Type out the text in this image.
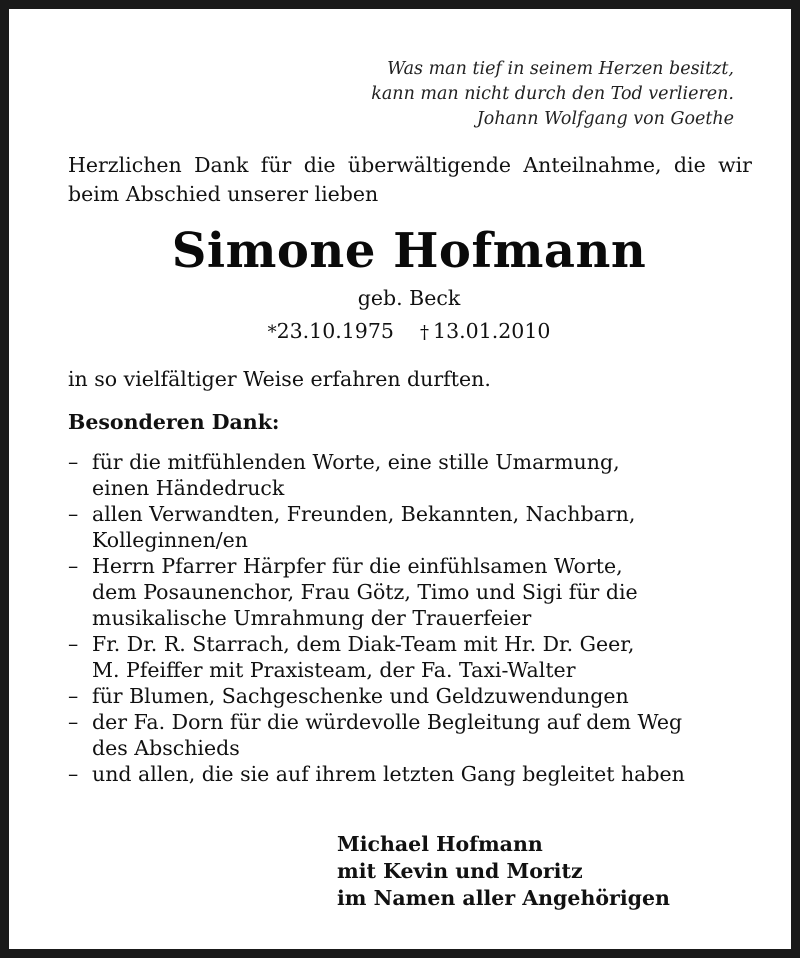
Was man tief in seinem Herzen besitzt,
kann man nicht durch den Tod verlieren.
Johann Wolfgang von Goethe
Herzlichen Dank für die überwältigende Anteilnahme, die wir
beim Abschied unserer lieben
Simone Hofmann
geb. Beck
*23.10.1975 †  13.01.2010
in so vielfältiger Weise erfahren durften.
Besonderen Dank:
– für die mitfühlenden Worte, eine stille Umarmung,
einen Händedruck
– allen Verwandten, Freunden, Bekannten, Nachbarn,
Kolleginnen/en
– Herrn Pfarrer Härpfer für die einfühlsamen Worte,
dem Posaunenchor, Frau Götz, Timo und Sigi für die
musikalische Umrahmung der Trauerfeier
– Fr. Dr. R. Starrach, dem Diak-Team mit Hr. Dr. Geer,
M. Pfeiffer mit Praxisteam, der Fa. Taxi-Walter
– für Blumen, Sachgeschenke und Geldzuwendungen
– der Fa. Dorn für die würdevolle Begleitung auf dem Weg
des Abschieds
– und allen, die sie auf ihrem letzten Gang begleitet haben
Michael Hofmann
mit Kevin und Moritz
im Namen aller Angehörigen
